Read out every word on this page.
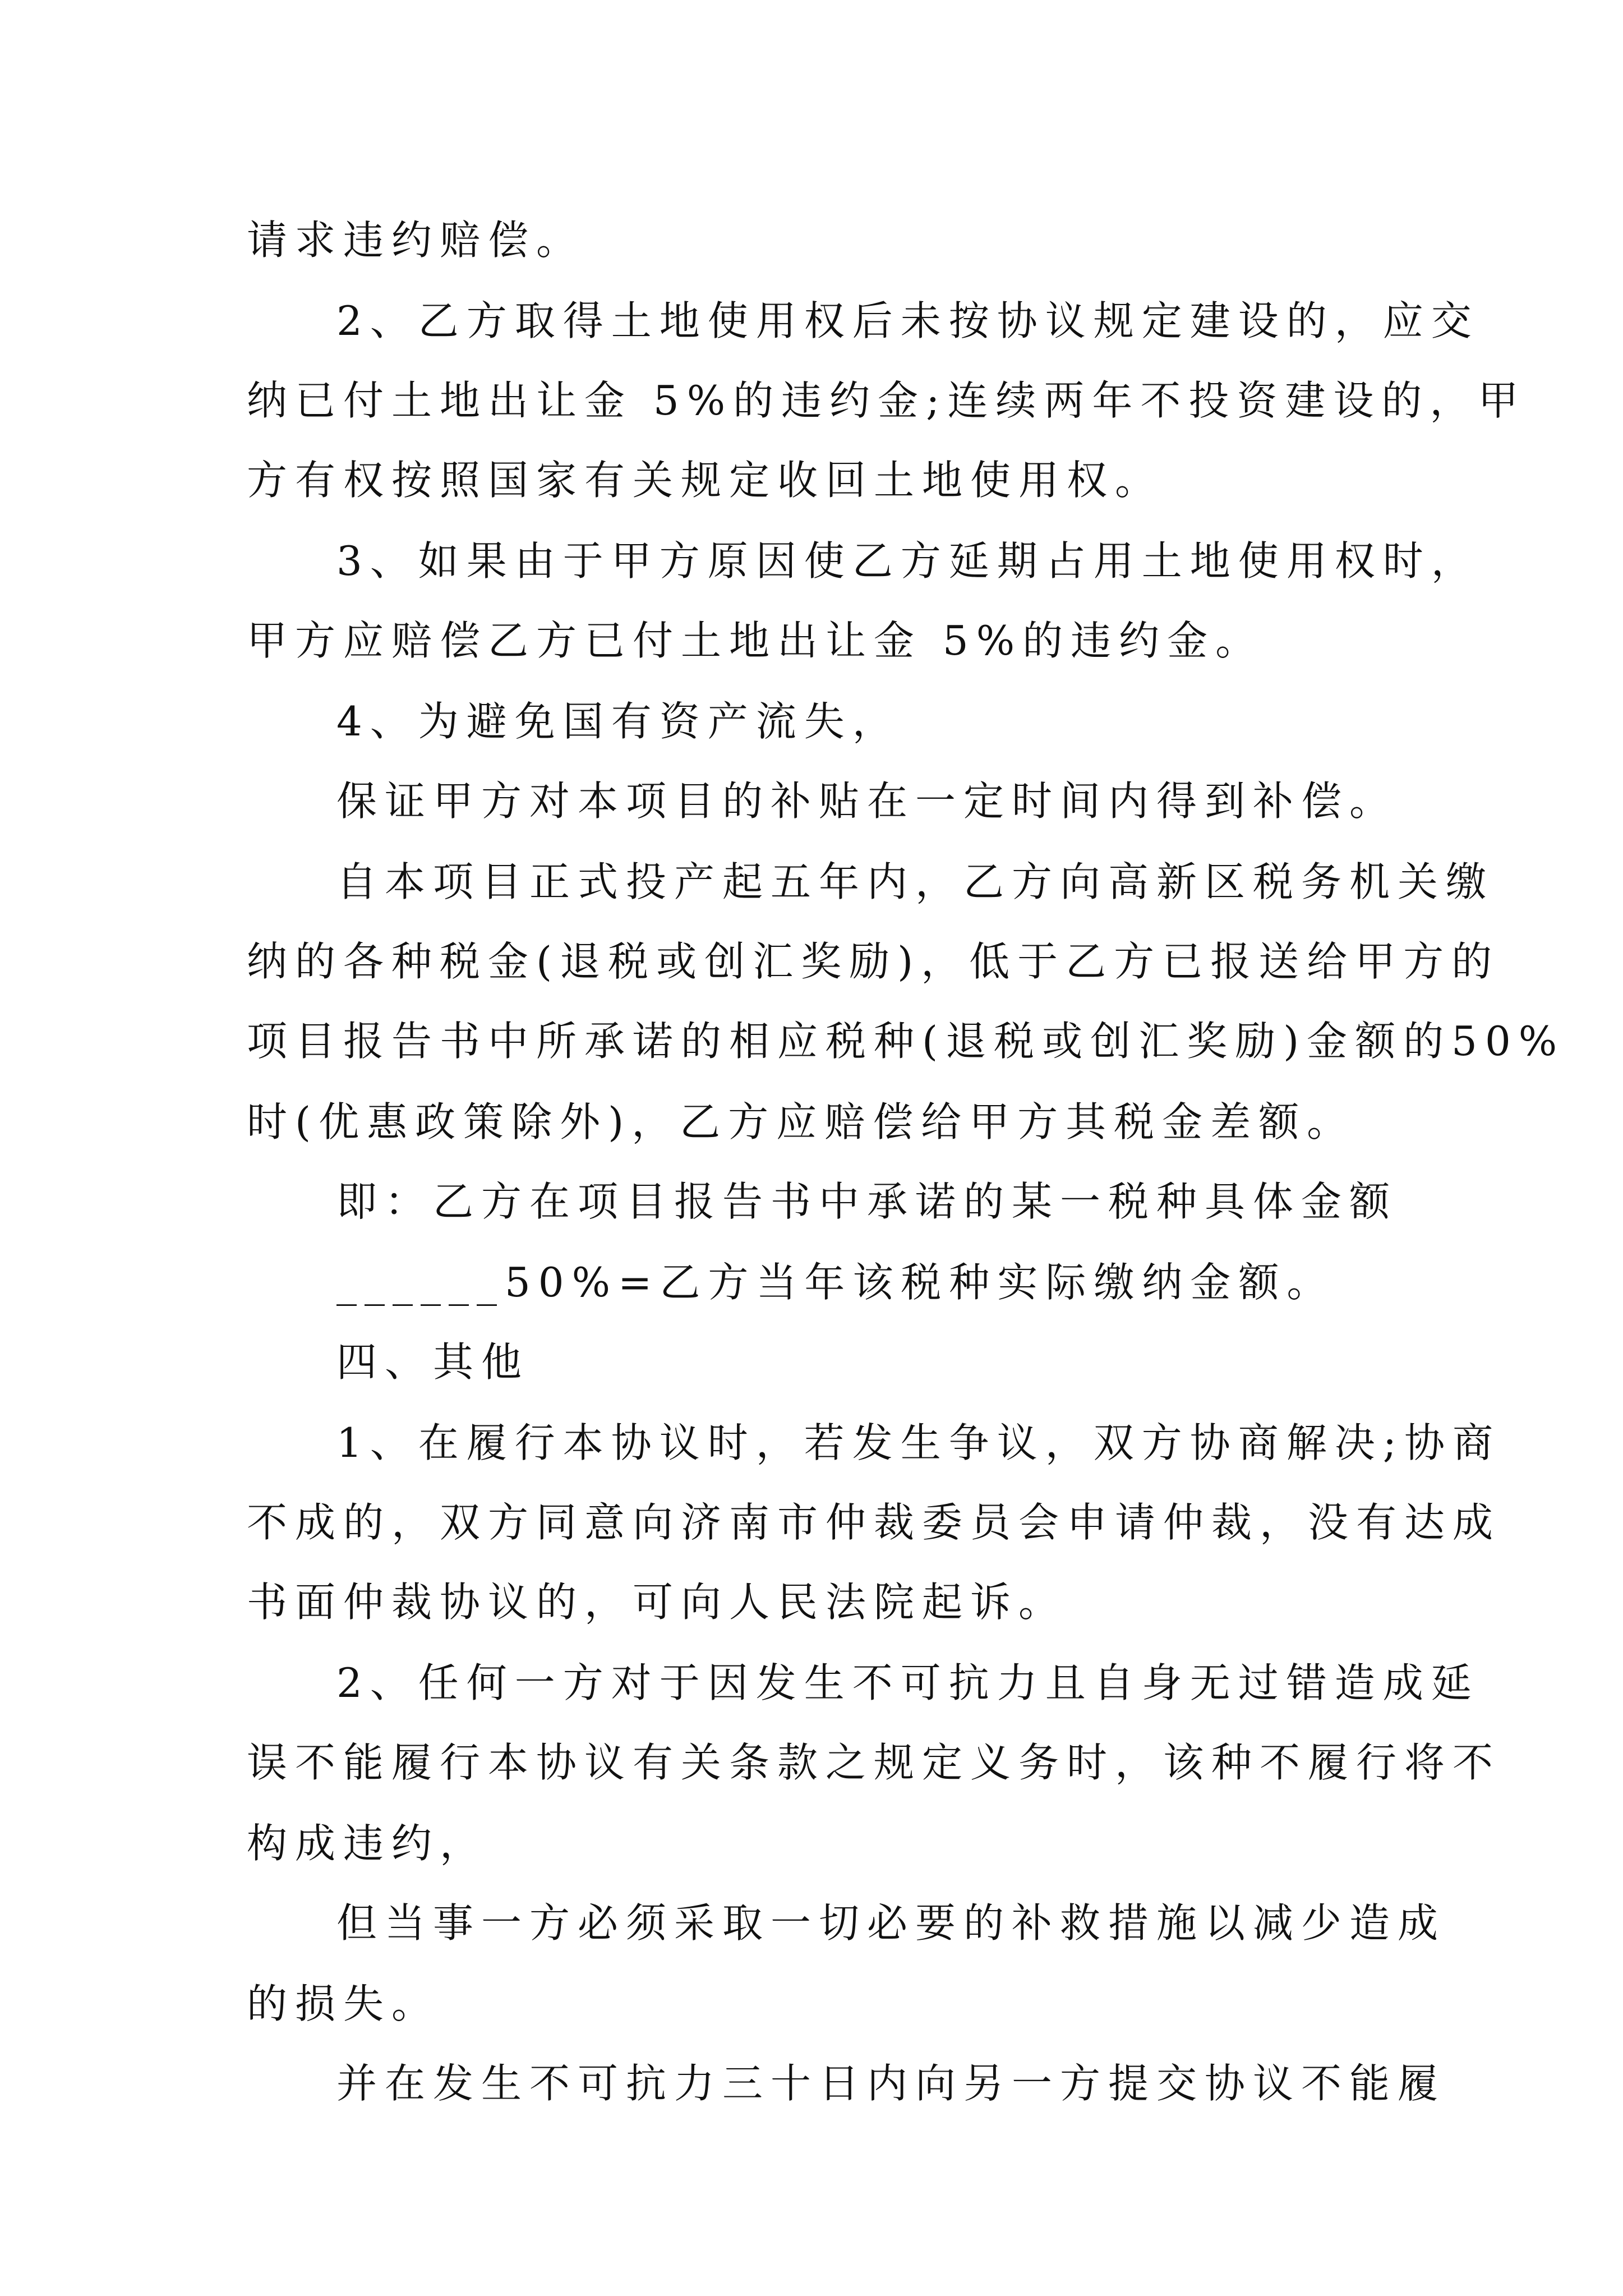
请求违约赔偿。
2、乙方取得土地使用权后未按协议规定建设的，应交
纳已付土地出让金 5%的违约金;连续两年不投资建设的，甲
方有权按照国家有关规定收回土地使用权。
3、如果由于甲方原因使乙方延期占用土地使用权时，
甲方应赔偿乙方已付土地出让金 5%的违约金。
4、为避免国有资产流失，
保证甲方对本项目的补贴在一定时间内得到补偿。
自本项目正式投产起五年内，乙方向高新区税务机关缴
纳的各种税金(退税或创汇奖励)，低于乙方已报送给甲方的
项目报告书中所承诺的相应税种(退税或创汇奖励)金额的50%
时(优惠政策除外)，乙方应赔偿给甲方其税金差额。
即：乙方在项目报告书中承诺的某一税种具体金额
______50%=乙方当年该税种实际缴纳金额。
四、其他
1、在履行本协议时，若发生争议，双方协商解决;协商
不成的，双方同意向济南市仲裁委员会申请仲裁，没有达成
书面仲裁协议的，可向人民法院起诉。
2、任何一方对于因发生不可抗力且自身无过错造成延
误不能履行本协议有关条款之规定义务时，该种不履行将不
构成违约，
但当事一方必须采取一切必要的补救措施以减少造成
的损失。
并在发生不可抗力三十日内向另一方提交协议不能履
